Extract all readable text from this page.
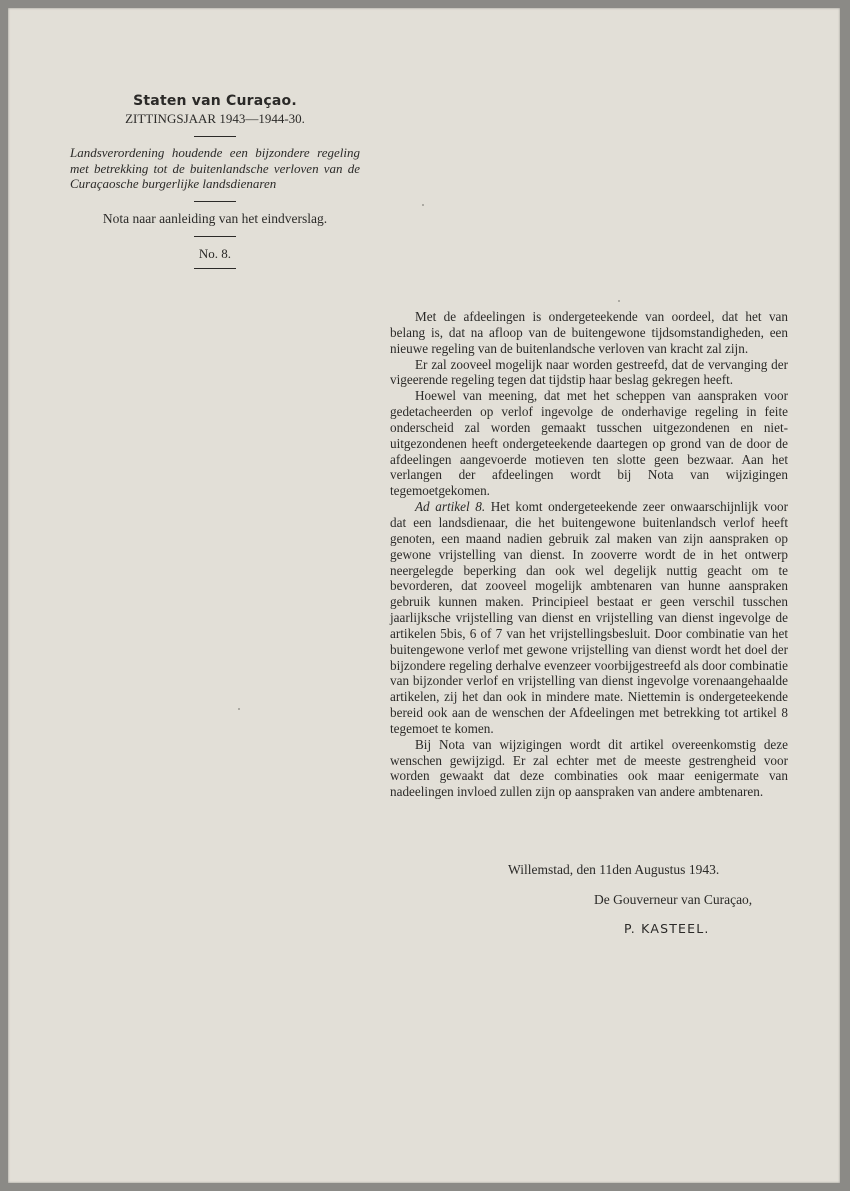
Staten van Curaçao.

ZITTINGSJAAR 1943—1944-30.

Landsverordening houdende een bijzondere regeling met betrekking tot de buitenlandsche verloven van de Curaçaosche burgerlijke landsdienaren

Nota naar aanleiding van het eindverslag.

No. 8.

Met de afdeelingen is ondergeteekende van oordeel, dat het van belang is, dat na afloop van de buitengewone tijdsomstandigheden, een nieuwe regeling van de buitenlandsche verloven van kracht zal zijn.

Er zal zooveel mogelijk naar worden gestreefd, dat de vervanging der vigeerende regeling tegen dat tijdstip haar beslag gekregen heeft.

Hoewel van meening, dat met het scheppen van aanspraken voor gedetacheerden op verlof ingevolge de onderhavige regeling in feite onderscheid zal worden gemaakt tusschen uitgezondenen en niet-uitgezondenen heeft ondergeteekende daartegen op grond van de door de afdeelingen aangevoerde motieven ten slotte geen bezwaar. Aan het verlangen der afdeelingen wordt bij Nota van wijzigingen tegemoetgekomen.

Ad artikel 8. Het komt ondergeteekende zeer onwaarschijnlijk voor dat een landsdienaar, die het buitengewone buitenlandsch verlof heeft genoten, een maand nadien gebruik zal maken van zijn aanspraken op gewone vrijstelling van dienst. In zooverre wordt de in het ontwerp neergelegde beperking dan ook wel degelijk nuttig geacht om te bevorderen, dat zooveel mogelijk ambtenaren van hunne aanspraken gebruik kunnen maken. Principieel bestaat er geen verschil tusschen jaarlijksche vrijstelling van dienst en vrijstelling van dienst ingevolge de artikelen 5bis, 6 of 7 van het vrijstellingsbesluit. Door combinatie van het buitengewone verlof met gewone vrijstelling van dienst wordt het doel der bijzondere regeling derhalve evenzeer voorbijgestreefd als door combinatie van bijzonder verlof en vrijstelling van dienst ingevolge vorenaangehaalde artikelen, zij het dan ook in mindere mate. Niettemin is ondergeteekende bereid ook aan de wenschen der Afdeelingen met betrekking tot artikel 8 tegemoet te komen.

Bij Nota van wijzigingen wordt dit artikel overeenkomstig deze wenschen gewijzigd. Er zal echter met de meeste gestrengheid voor worden gewaakt dat deze combinaties ook maar eenigermate van nadeelingen invloed zullen zijn op aanspraken van andere ambtenaren.

Willemstad, den 11den Augustus 1943.
De Gouverneur van Curaçao,
P. KASTEEL.
